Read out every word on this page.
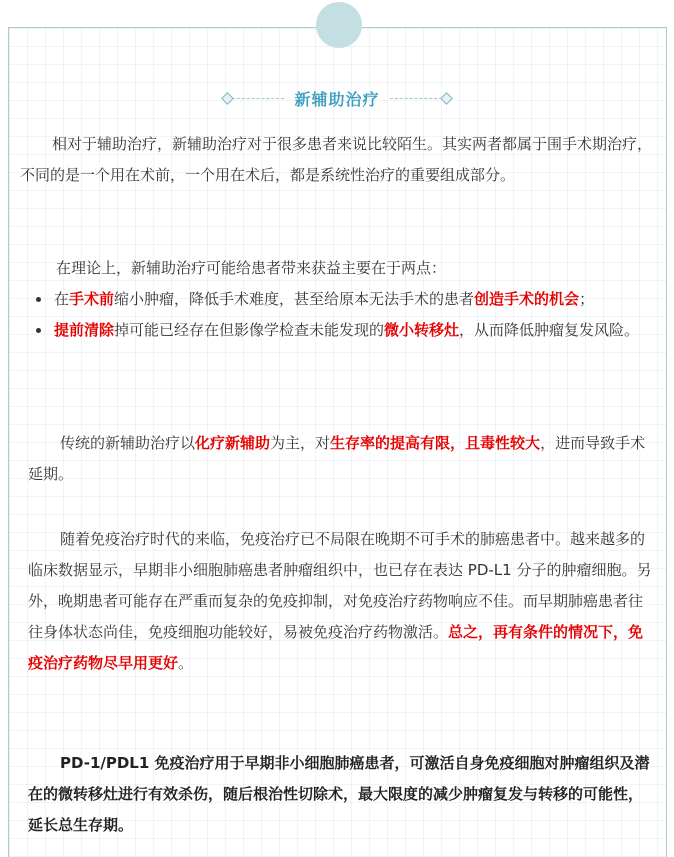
新辅助治疗

相对于辅助治疗，新辅助治疗对于很多患者来说比较陌生。其实两者都属于围手术期治疗，不同的是一个用在术前，一个用在术后，都是系统性治疗的重要组成部分。

在理论上，新辅助治疗可能给患者带来获益主要在于两点：

在手术前缩小肿瘤，降低手术难度，甚至给原本无法手术的患者创造手术的机会；
提前清除掉可能已经存在但影像学检查未能发现的微小转移灶，从而降低肿瘤复发风险。

传统的新辅助治疗以化疗新辅助为主，对生存率的提高有限，且毒性较大，进而导致手术延期。

随着免疫治疗时代的来临，免疫治疗已不局限在晚期不可手术的肺癌患者中。越来越多的临床数据显示，早期非小细胞肺癌患者肿瘤组织中，也已存在表达 PD-L1 分子的肿瘤细胞。另外，晚期患者可能存在严重而复杂的免疫抑制，对免疫治疗药物响应不佳。而早期肺癌患者往往身体状态尚佳，免疫细胞功能较好，易被免疫治疗药物激活。总之，再有条件的情况下，免疫治疗药物尽早用更好。

PD-1/PDL1 免疫治疗用于早期非小细胞肺癌患者，可激活自身免疫细胞对肿瘤组织及潜在的微转移灶进行有效杀伤，随后根治性切除术，最大限度的减少肿瘤复发与转移的可能性，延长总生存期。
